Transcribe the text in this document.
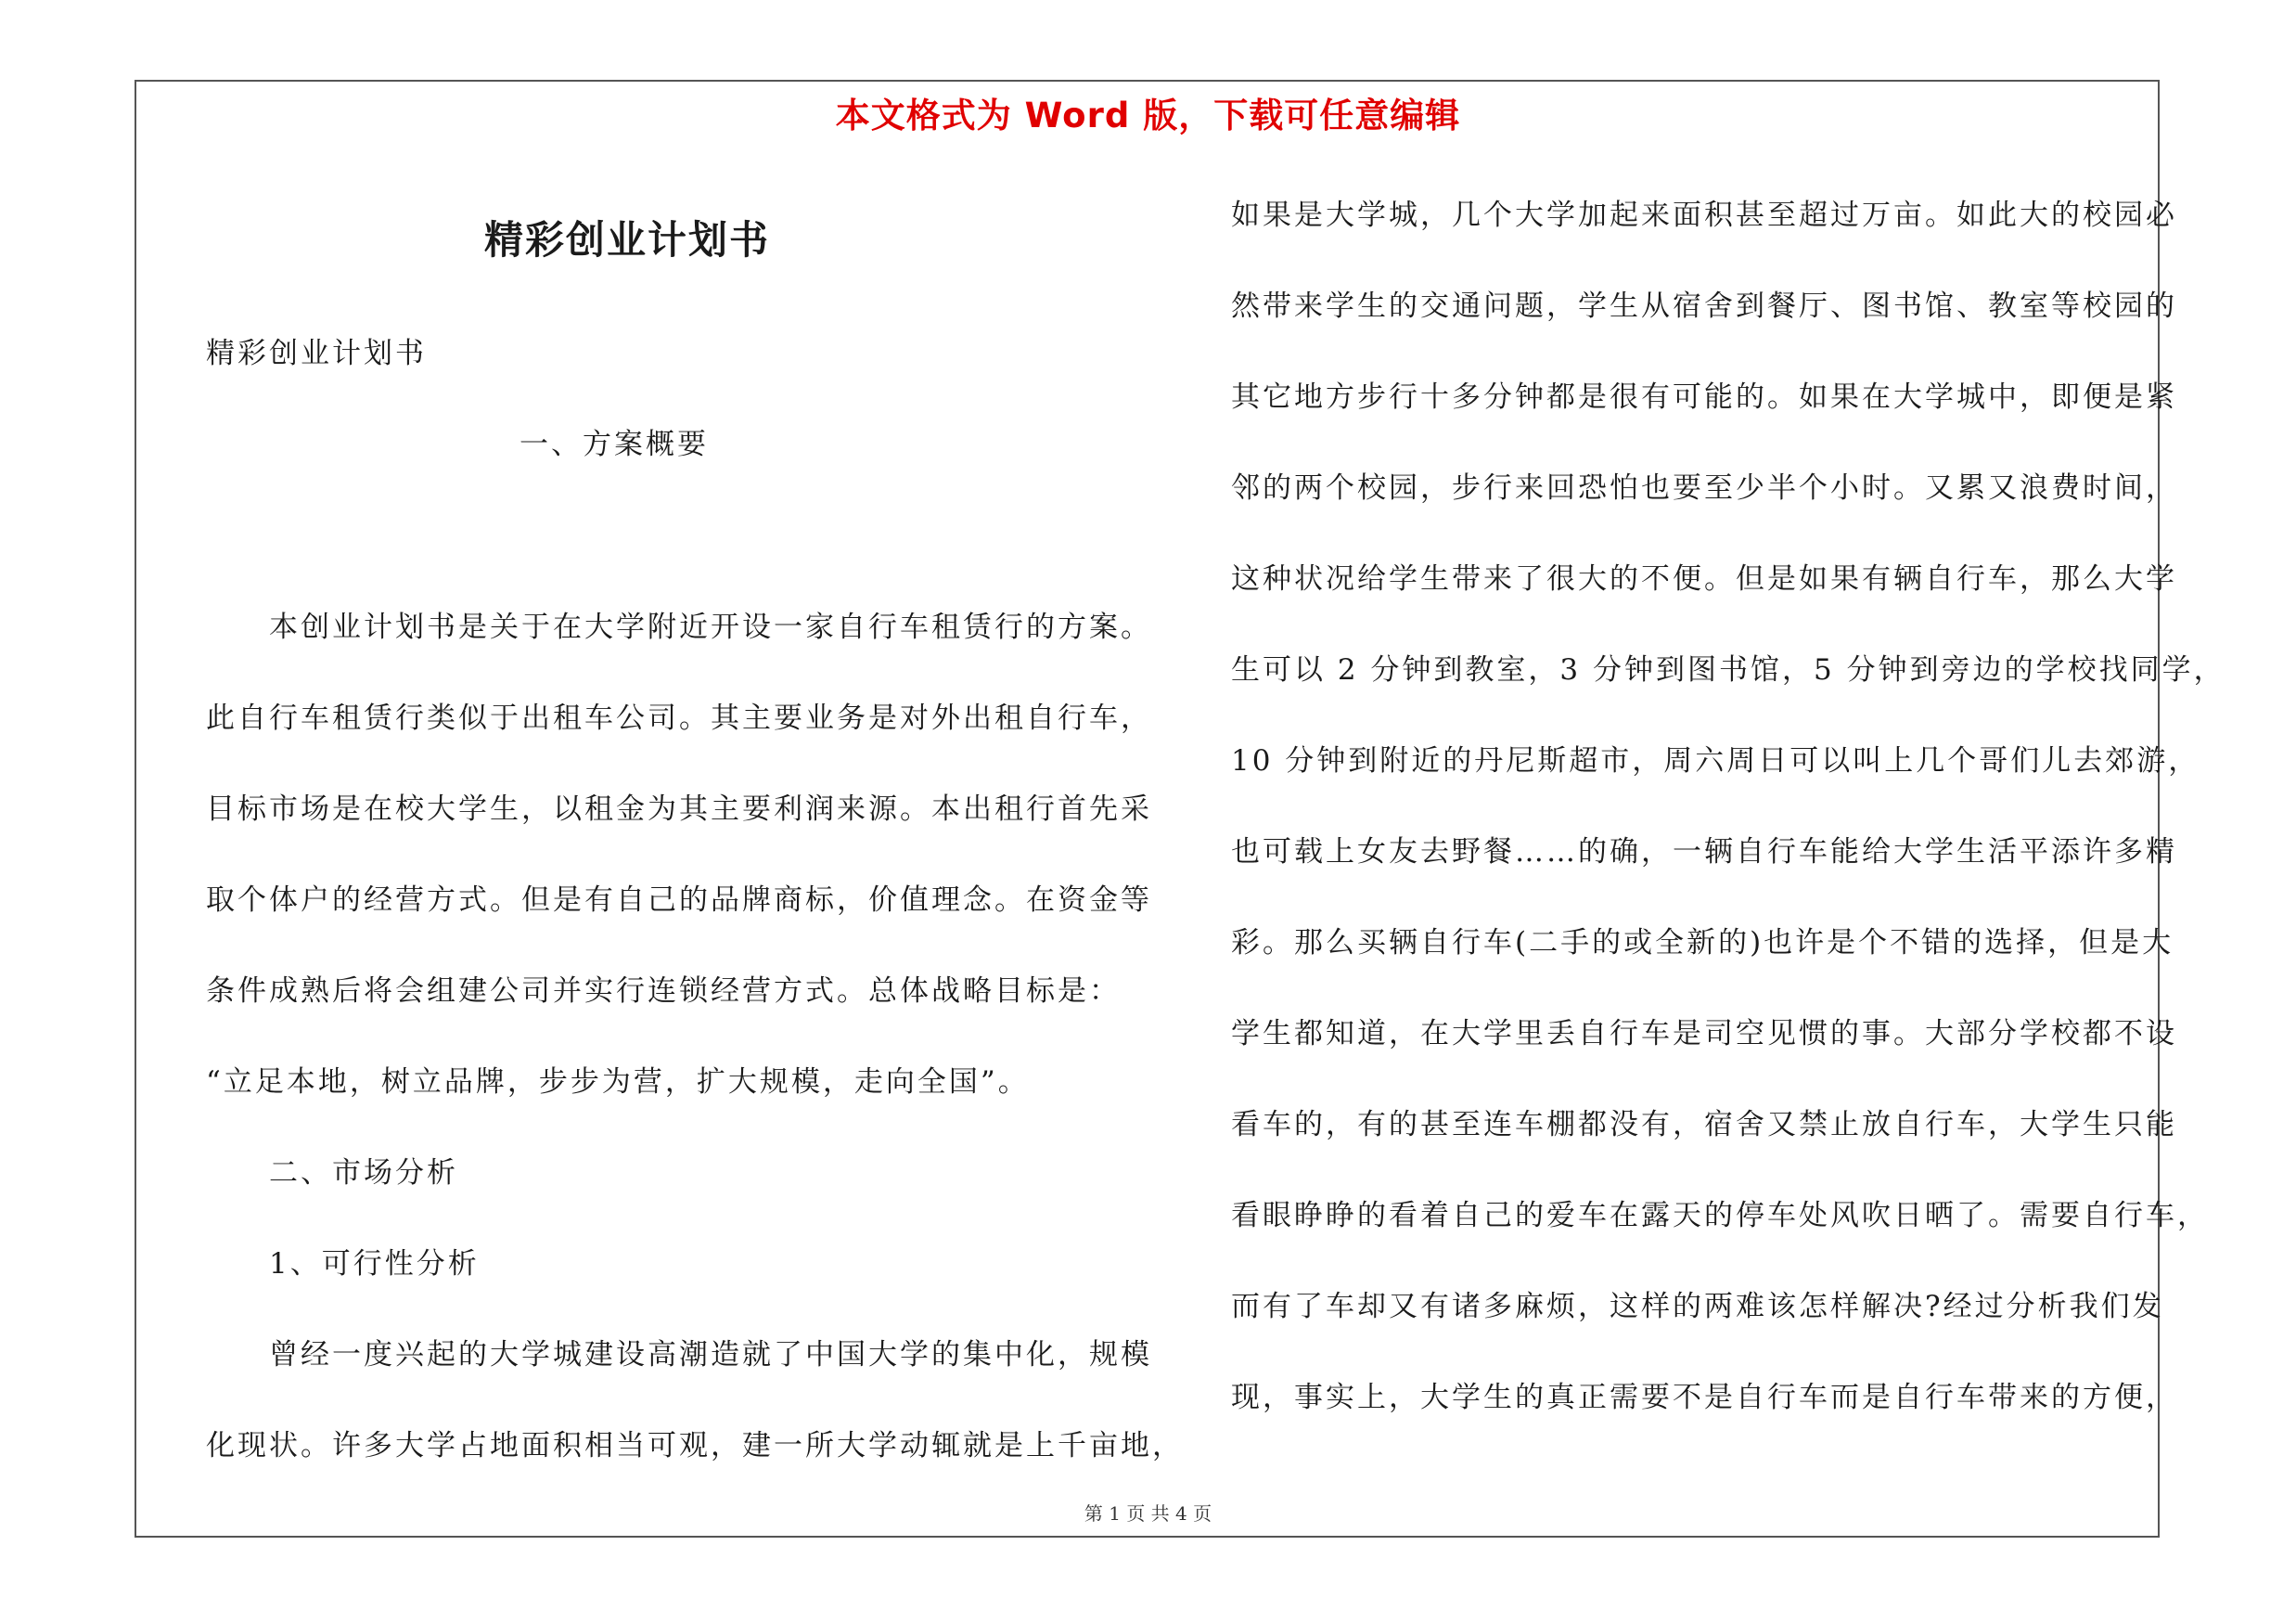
本文格式为 Word 版，下载可任意编辑
精彩创业计划书
精彩创业计划书
一、方案概要
本创业计划书是关于在大学附近开设一家自行车租赁行的方案。
此自行车租赁行类似于出租车公司。其主要业务是对外出租自行车，
目标市场是在校大学生，以租金为其主要利润来源。本出租行首先采
取个体户的经营方式。但是有自己的品牌商标，价值理念。在资金等
条件成熟后将会组建公司并实行连锁经营方式。总体战略目标是：
“立足本地，树立品牌，步步为营，扩大规模，走向全国”。
二、市场分析
1、可行性分析
曾经一度兴起的大学城建设高潮造就了中国大学的集中化，规模
化现状。许多大学占地面积相当可观，建一所大学动辄就是上千亩地，
如果是大学城，几个大学加起来面积甚至超过万亩。如此大的校园必
然带来学生的交通问题，学生从宿舍到餐厅、图书馆、教室等校园的
其它地方步行十多分钟都是很有可能的。如果在大学城中，即便是紧
邻的两个校园，步行来回恐怕也要至少半个小时。又累又浪费时间，
这种状况给学生带来了很大的不便。但是如果有辆自行车，那么大学
生可以 2 分钟到教室，3 分钟到图书馆，5 分钟到旁边的学校找同学，
10 分钟到附近的丹尼斯超市，周六周日可以叫上几个哥们儿去郊游，
也可载上女友去野餐……的确，一辆自行车能给大学生活平添许多精
彩。那么买辆自行车(二手的或全新的)也许是个不错的选择，但是大
学生都知道，在大学里丢自行车是司空见惯的事。大部分学校都不设
看车的，有的甚至连车棚都没有，宿舍又禁止放自行车，大学生只能
看眼睁睁的看着自己的爱车在露天的停车处风吹日晒了。需要自行车，
而有了车却又有诸多麻烦，这样的两难该怎样解决?经过分析我们发
现，事实上，大学生的真正需要不是自行车而是自行车带来的方便，
第 1 页 共 4 页
